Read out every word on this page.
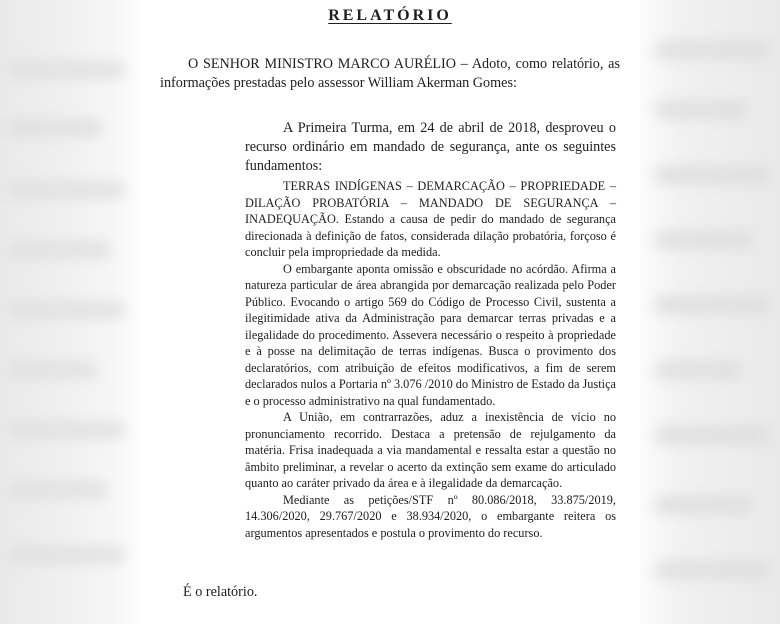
RELATÓRIO
O SENHOR MINISTRO MARCO AURÉLIO – Adoto, como relatório, as informações prestadas pelo assessor William Akerman Gomes:
A Primeira Turma, em 24 de abril de 2018, desproveu o recurso ordinário em mandado de segurança, ante os seguintes fundamentos:

TERRAS INDÍGENAS – DEMARCAÇÃO – PROPRIEDADE – DILAÇÃO PROBATÓRIA – MANDADO DE SEGURANÇA – INADEQUAÇÃO. Estando a causa de pedir do mandado de segurança direcionada à definição de fatos, considerada dilação probatória, forçoso é concluir pela impropriedade da medida.

O embargante aponta omissão e obscuridade no acórdão. Afirma a natureza particular de área abrangida por demarcação realizada pelo Poder Público. Evocando o artigo 569 do Código de Processo Civil, sustenta a ilegitimidade ativa da Administração para demarcar terras privadas e a ilegalidade do procedimento. Assevera necessário o respeito à propriedade e à posse na delimitação de terras indígenas. Busca o provimento dos declaratórios, com atribuição de efeitos modificativos, a fim de serem declarados nulos a Portaria nº 3.076 /2010 do Ministro de Estado da Justiça e o processo administrativo na qual fundamentado.

A União, em contrarrazões, aduz a inexistência de vício no pronunciamento recorrido. Destaca a pretensão de rejulgamento da matéria. Frisa inadequada a via mandamental e ressalta estar a questão no âmbito preliminar, a revelar o acerto da extinção sem exame do articulado quanto ao caráter privado da área e à ilegalidade da demarcação.

Mediante as petições/STF nº 80.086/2018, 33.875/2019, 14.306/2020, 29.767/2020 e 38.934/2020, o embargante reitera os argumentos apresentados e postula o provimento do recurso.

É o relatório.
